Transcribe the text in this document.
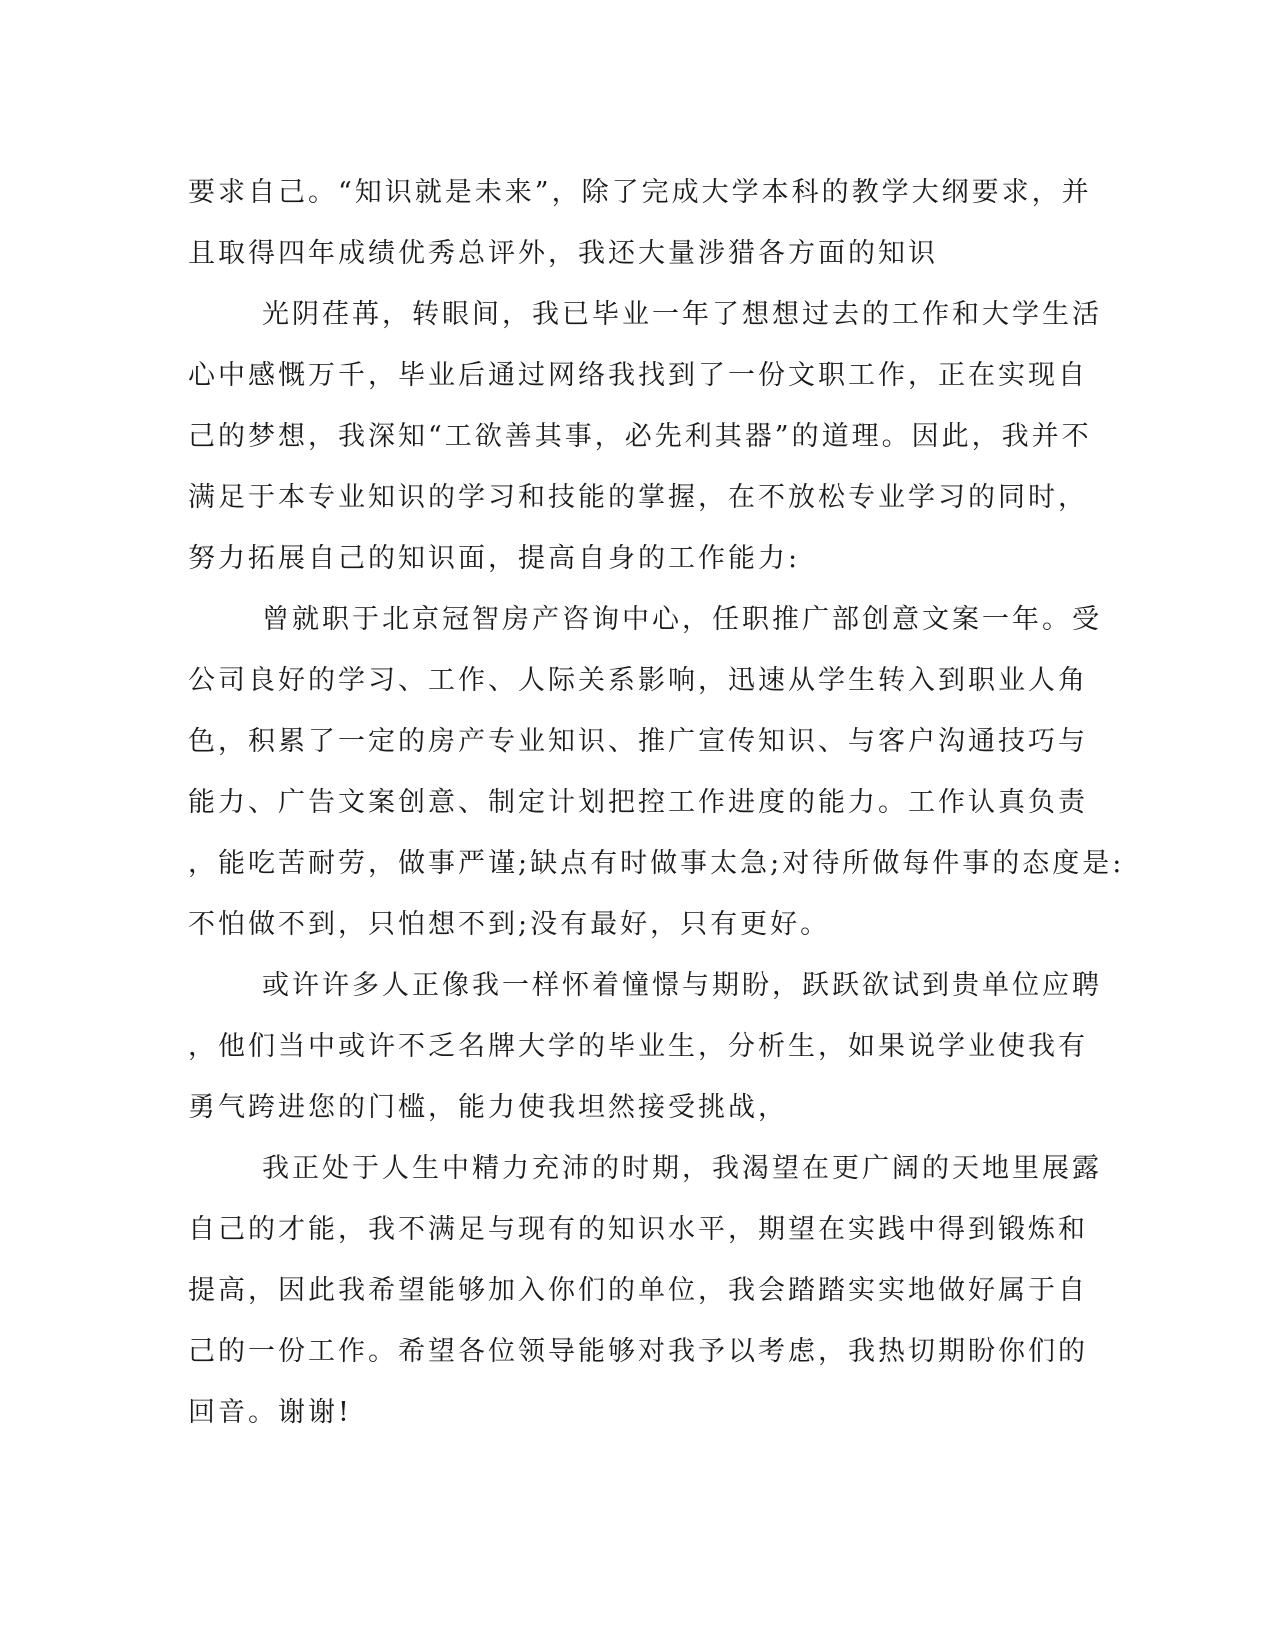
要求自己。“知识就是未来”，除了完成大学本科的教学大纲要求，并
且取得四年成绩优秀总评外，我还大量涉猎各方面的知识
光阴荏苒，转眼间，我已毕业一年了想想过去的工作和大学生活
心中感慨万千，毕业后通过网络我找到了一份文职工作，正在实现自
己的梦想，我深知“工欲善其事，必先利其器”的道理。因此，我并不
满足于本专业知识的学习和技能的掌握，在不放松专业学习的同时，
努力拓展自己的知识面，提高自身的工作能力:
曾就职于北京冠智房产咨询中心，任职推广部创意文案一年。受
公司良好的学习、工作、人际关系影响，迅速从学生转入到职业人角
色，积累了一定的房产专业知识、推广宣传知识、与客户沟通技巧与
能力、广告文案创意、制定计划把控工作进度的能力。工作认真负责
，能吃苦耐劳，做事严谨;缺点有时做事太急;对待所做每件事的态度是:
不怕做不到，只怕想不到;没有最好，只有更好。
或许许多人正像我一样怀着憧憬与期盼，跃跃欲试到贵单位应聘
，他们当中或许不乏名牌大学的毕业生，分析生，如果说学业使我有
勇气跨进您的门槛，能力使我坦然接受挑战，
我正处于人生中精力充沛的时期，我渴望在更广阔的天地里展露
自己的才能，我不满足与现有的知识水平，期望在实践中得到锻炼和
提高，因此我希望能够加入你们的单位，我会踏踏实实地做好属于自
己的一份工作。希望各位领导能够对我予以考虑，我热切期盼你们的
回音。谢谢!
